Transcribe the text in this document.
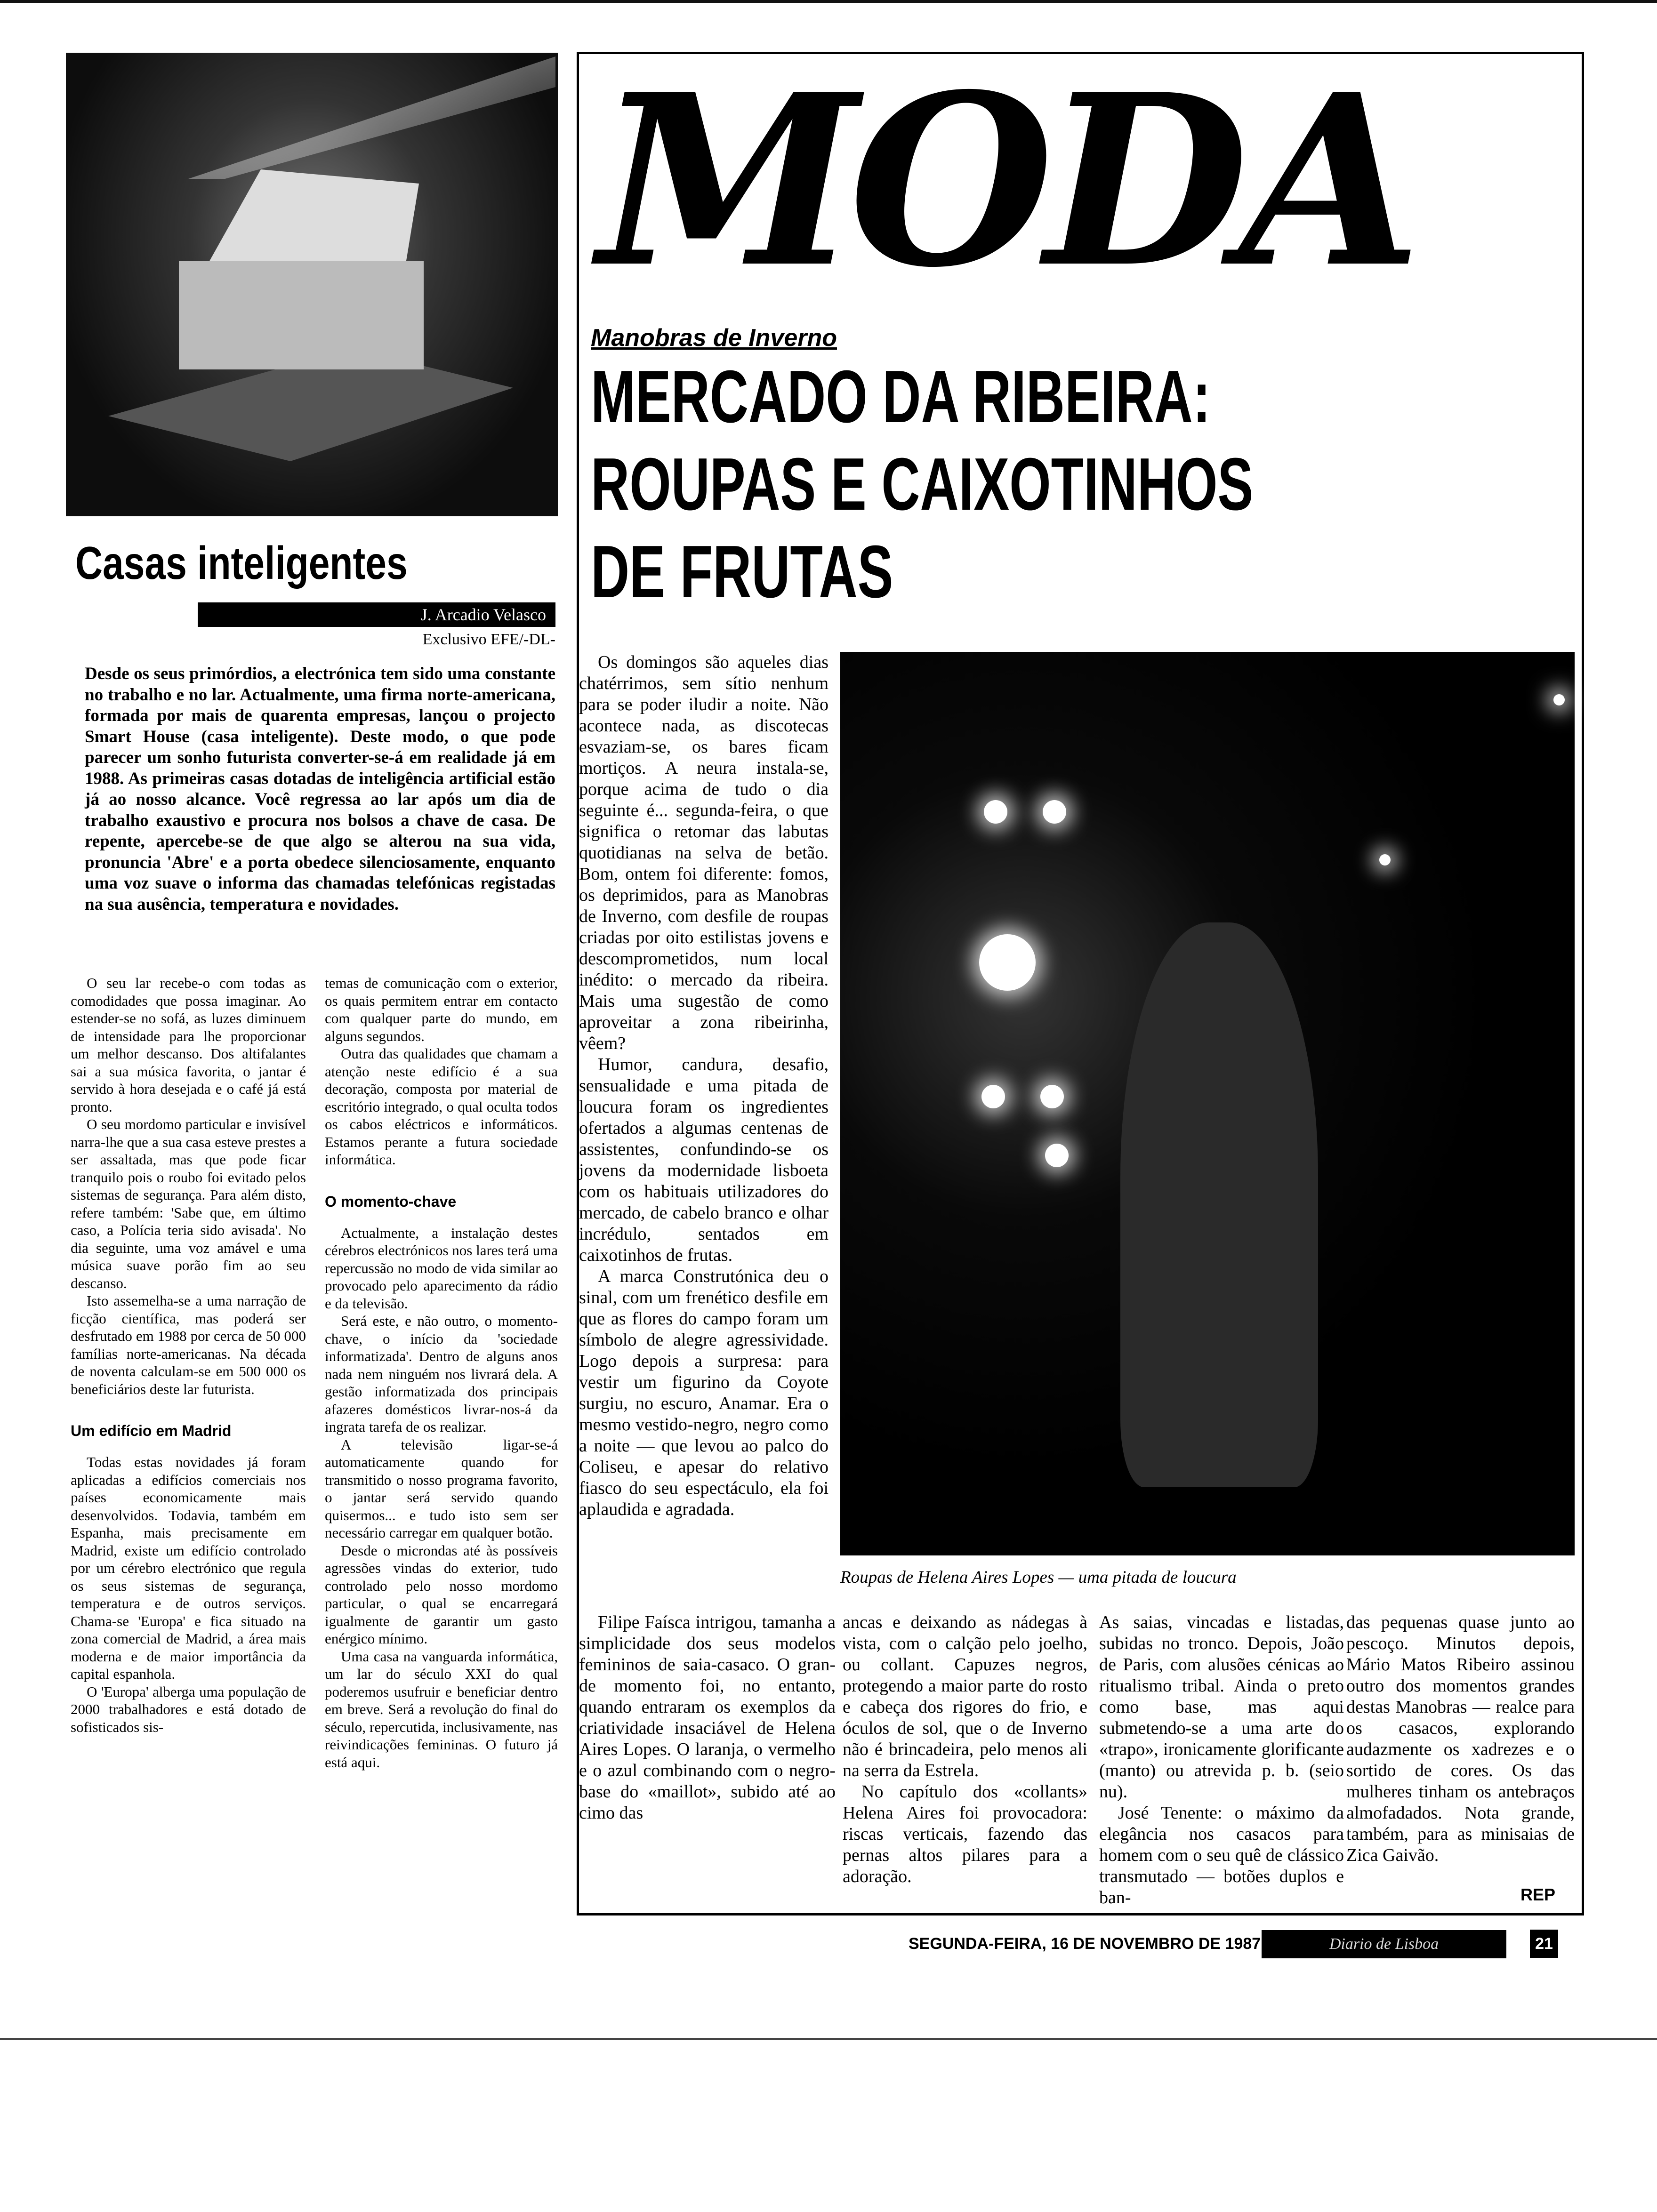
Casas inteligentes
J. Arcadio Velasco
Exclusivo EFE/-DL-
Desde os seus primórdios, a electrónica tem sido uma constante no trabalho e no lar. Actualmente, uma firma norte-americana, formada por mais de quarenta empresas, lançou o projecto Smart House (casa inteligente). Deste modo, o que pode parecer um sonho futurista converter-se-á em realidade já em 1988. As primeiras casas dotadas de inteligência artificial estão já ao nosso alcance. Você regressa ao lar após um dia de trabalho exaustivo e procura nos bolsos a chave de casa. De repente, apercebe-se de que algo se alterou na sua vida, pronuncia 'Abre' e a porta obedece silenciosamente, enquanto uma voz suave o informa das chamadas telefónicas registadas na sua ausência, temperatura e novidades.

O seu lar recebe-o com todas as comodidades que possa imaginar. Ao estender-se no sofá, as luzes diminuem de intensidade para lhe proporcionar um melhor descanso. Dos altifalantes sai a sua música favorita, o jantar é servido à hora desejada e o café já está pronto.

O seu mordomo particular e invisível narra-lhe que a sua casa esteve prestes a ser assaltada, mas que pode ficar tranquilo pois o roubo foi evitado pelos sistemas de segurança. Para além disto, refere também: 'Sabe que, em último caso, a Polícia teria sido avisada'. No dia seguinte, uma voz amável e uma música suave porão fim ao seu descanso.

Isto assemelha-se a uma narração de ficção científica, mas poderá ser desfrutado em 1988 por cerca de 50 000 famílias norte-americanas. Na década de noventa calculam-se em 500 000 os beneficiários deste lar futurista.

Um edifício em Madrid

Todas estas novidades já foram aplicadas a edifícios comerciais nos países economicamente mais desenvolvidos. Todavia, também em Espanha, mais precisamente em Madrid, existe um edifício controlado por um cérebro electrónico que regula os seus sistemas de segurança, temperatura e de outros serviços. Chama-se 'Europa' e fica situado na zona comercial de Madrid, a área mais moderna e de maior importância da capital espanhola.

O 'Europa' alberga uma população de 2000 trabalhadores e está dotado de sofisticados sis-

temas de comunicação com o exterior, os quais permitem entrar em contacto com qualquer parte do mundo, em alguns segundos.

Outra das qualidades que chamam a atenção neste edifício é a sua decoração, composta por material de escritório integrado, o qual oculta todos os cabos eléctricos e informáticos. Estamos perante a futura sociedade informática.

O momento-chave

Actualmente, a instalação destes cérebros electrónicos nos lares terá uma repercussão no modo de vida similar ao provocado pelo aparecimento da rádio e da televisão.

Será este, e não outro, o momento-chave, o início da 'sociedade informatizada'. Dentro de alguns anos nada nem ninguém nos livrará dela. A gestão informatizada dos principais afazeres domésticos livrar-nos-á da ingrata tarefa de os realizar.

A televisão ligar-se-á automaticamente quando for transmitido o nosso programa favorito, o jantar será servido quando quisermos... e tudo isto sem ser necessário carregar em qualquer botão.

Desde o microndas até às possíveis agressões vindas do exterior, tudo controlado pelo nosso mordomo particular, o qual se encarregará igualmente de garantir um gasto enérgico mínimo.

Uma casa na vanguarda informática, um lar do século XXI do qual poderemos usufruir e beneficiar dentro em breve. Será a revolução do final do século, repercutida, inclusivamente, nas reivindicações femininas. O futuro já está aqui.

MODA
Manobras de Inverno
MERCADO DA RIBEIRA: ROUPAS E CAIXOTINHOS DE FRUTAS
Roupas de Helena Aires Lopes — uma pitada de loucura

Os domingos são aqueles dias chatérrimos, sem sítio nenhum para se poder iludir a noite. Não acontece nada, as discotecas esvaziam-se, os bares ficam mortiços. A neura instala-se, porque acima de tudo o dia seguinte é... segunda-feira, o que significa o retomar das labutas quotidianas na selva de betão. Bom, ontem foi diferente: fomos, os deprimidos, para as Manobras de Inverno, com desfile de roupas criadas por oito estilistas jovens e descomprometidos, num local inédito: o mercado da ribeira. Mais uma sugestão de como aproveitar a zona ribeirinha, vêem?

Humor, candura, desafio, sensualidade e uma pitada de loucura foram os ingredientes ofertados a algumas centenas de assistentes, confundindo-se os jovens da modernidade lisboeta com os habituais utilizadores do mercado, de cabelo branco e olhar incrédulo, sentados em caixotinhos de frutas.

A marca Construtónica deu o sinal, com um frenético desfile em que as flores do campo foram um símbolo de alegre agressividade. Logo depois a surpresa: para vestir um figurino da Coyote surgiu, no escuro, Anamar. Era o mesmo vestido-negro, negro como a noite — que levou ao palco do Coliseu, e apesar do relativo fiasco do seu espectáculo, ela foi aplaudida e agradada.

Filipe Faísca intrigou, tamanha a simplicidade dos seus modelos femininos de saia-casaco. O gran-de momento foi, no entanto, quando entraram os exemplos da criatividade insaciável de Helena Aires Lopes. O laranja, o vermelho e o azul combinando com o negro-base do «maillot», subido até ao cimo das

ancas e deixando as nádegas à vista, com o calção pelo joelho, ou collant. Capuzes negros, protegendo a maior parte do rosto e cabeça dos rigores do frio, e óculos de sol, que o de Inverno não é brincadeira, pelo menos ali na serra da Estrela.

No capítulo dos «collants» Helena Aires foi provocadora: riscas verticais, fazendo das pernas altos pilares para a adoração.

As saias, vincadas e listadas, subidas no tronco. Depois, João de Paris, com alusões cénicas ao ritualismo tribal. Ainda o preto como base, mas aqui submetendo-se a uma arte do «trapo», ironicamente glorificante (manto) ou atrevida p. b. (seio nu).

José Tenente: o máximo da elegância nos casacos para homem com o seu quê de clássico transmutado — botões duplos e ban-

das pequenas quase junto ao pescoço. Minutos depois, Mário Matos Ribeiro assinou outro dos momentos grandes destas Manobras — realce para os casacos, explorando audazmente os xadrezes e o sortido de cores. Os das mulheres tinham os antebraços almofadados. Nota grande, também, para as minisaias de Zica Gaivão.

REP
SEGUNDA-FEIRA, 16 DE NOVEMBRO DE 1987	Diario de Lisboa	21
